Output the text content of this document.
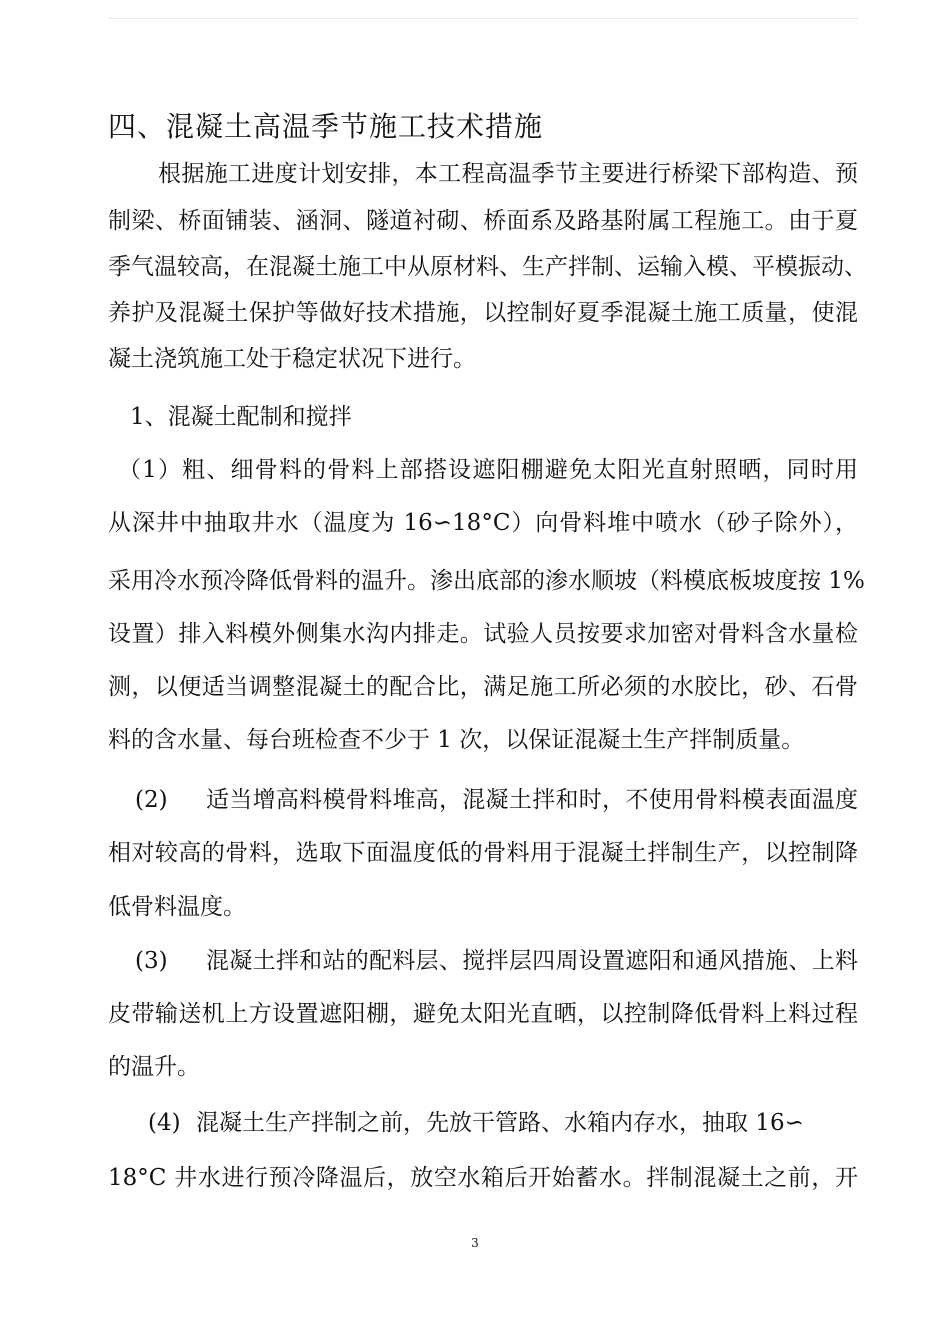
四、混凝土高温季节施工技术措施
根据施工进度计划安排，本工程高温季节主要进行桥梁下部构造、预
制梁、桥面铺装、涵洞、隧道衬砌、桥面系及路基附属工程施工。由于夏
季气温较高，在混凝土施工中从原材料、生产拌制、运输入模、平模振动、
养护及混凝土保护等做好技术措施，以控制好夏季混凝土施工质量，使混
凝土浇筑施工处于稳定状况下进行。
1、混凝土配制和搅拌
（1）粗、细骨料的骨料上部搭设遮阳棚避免太阳光直射照晒，同时用
从深井中抽取井水（温度为 16∽18°C）向骨料堆中喷水（砂子除外），
采用冷水预冷降低骨料的温升。渗出底部的渗水顺坡（料模底板坡度按 1%
设置）排入料模外侧集水沟内排走。试验人员按要求加密对骨料含水量检
测，以便适当调整混凝土的配合比，满足施工所必须的水胶比，砂、石骨
料的含水量、每台班检查不少于 1 次，以保证混凝土生产拌制质量。
(2) 适当增高料模骨料堆高，混凝土拌和时，不使用骨料模表面温度
相对较高的骨料，选取下面温度低的骨料用于混凝土拌制生产，以控制降
低骨料温度。
(3) 混凝土拌和站的配料层、搅拌层四周设置遮阳和通风措施、上料
皮带输送机上方设置遮阳棚，避免太阳光直晒，以控制降低骨料上料过程
的温升。
(4) 混凝土生产拌制之前，先放干管路、水箱内存水，抽取 16∽
18°C 井水进行预冷降温后，放空水箱后开始蓄水。拌制混凝土之前，开
3
